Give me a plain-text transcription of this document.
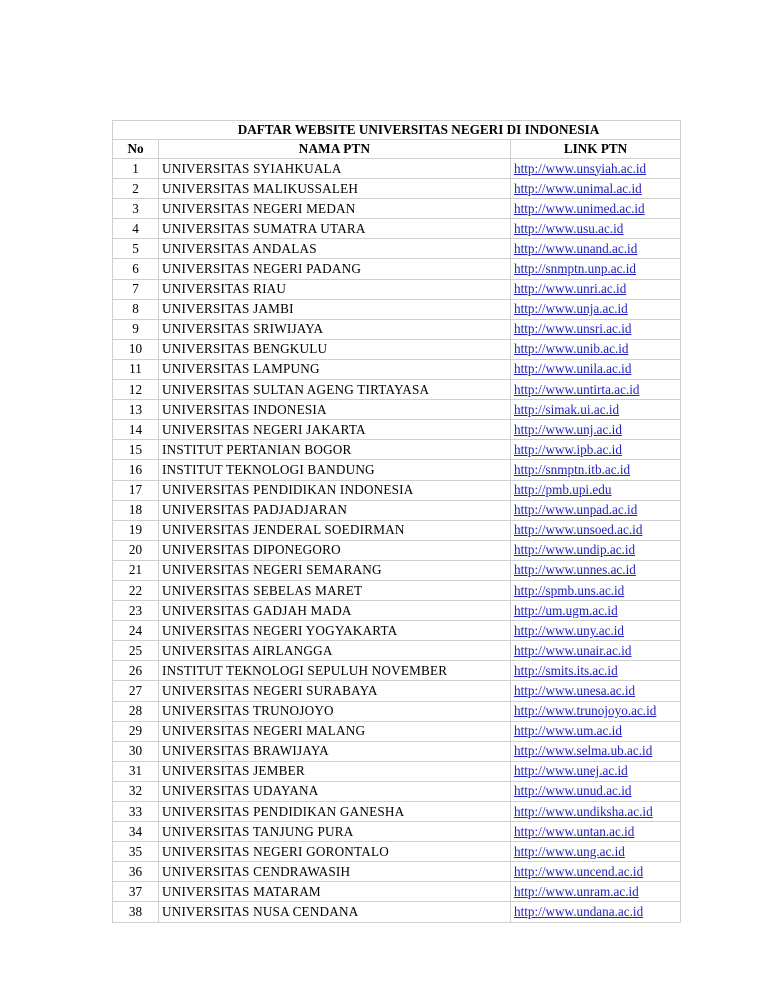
DAFTAR WEBSITE UNIVERSITAS NEGERI DI INDONESIA		
No	NAMA PTN	LINK PTN
1	UNIVERSITAS SYIAHKUALA	http://www.unsyiah.ac.id
2	UNIVERSITAS MALIKUSSALEH	http://www.unimal.ac.id
3	UNIVERSITAS NEGERI MEDAN	http://www.unimed.ac.id
4	UNIVERSITAS SUMATRA UTARA	http://www.usu.ac.id
5	UNIVERSITAS ANDALAS	http://www.unand.ac.id
6	UNIVERSITAS NEGERI PADANG	http://snmptn.unp.ac.id
7	UNIVERSITAS RIAU	http://www.unri.ac.id
8	UNIVERSITAS JAMBI	http://www.unja.ac.id
9	UNIVERSITAS SRIWIJAYA	http://www.unsri.ac.id
10	UNIVERSITAS BENGKULU	http://www.unib.ac.id
11	UNIVERSITAS LAMPUNG	http://www.unila.ac.id
12	UNIVERSITAS SULTAN AGENG TIRTAYASA	http://www.untirta.ac.id
13	UNIVERSITAS INDONESIA	http://simak.ui.ac.id
14	UNIVERSITAS NEGERI JAKARTA	http://www.unj.ac.id
15	INSTITUT PERTANIAN BOGOR	http://www.ipb.ac.id
16	INSTITUT TEKNOLOGI BANDUNG	http://snmptn.itb.ac.id
17	UNIVERSITAS PENDIDIKAN INDONESIA	http://pmb.upi.edu
18	UNIVERSITAS PADJADJARAN	http://www.unpad.ac.id
19	UNIVERSITAS JENDERAL SOEDIRMAN	http://www.unsoed.ac.id
20	UNIVERSITAS DIPONEGORO	http://www.undip.ac.id
21	UNIVERSITAS NEGERI SEMARANG	http://www.unnes.ac.id
22	UNIVERSITAS SEBELAS MARET	http://spmb.uns.ac.id
23	UNIVERSITAS GADJAH MADA	http://um.ugm.ac.id
24	UNIVERSITAS NEGERI YOGYAKARTA	http://www.uny.ac.id
25	UNIVERSITAS AIRLANGGA	http://www.unair.ac.id
26	INSTITUT TEKNOLOGI SEPULUH NOVEMBER	http://smits.its.ac.id
27	UNIVERSITAS NEGERI SURABAYA	http://www.unesa.ac.id
28	UNIVERSITAS TRUNOJOYO	http://www.trunojoyo.ac.id
29	UNIVERSITAS NEGERI MALANG	http://www.um.ac.id
30	UNIVERSITAS BRAWIJAYA	http://www.selma.ub.ac.id
31	UNIVERSITAS JEMBER	http://www.unej.ac.id
32	UNIVERSITAS UDAYANA	http://www.unud.ac.id
33	UNIVERSITAS PENDIDIKAN GANESHA	http://www.undiksha.ac.id
34	UNIVERSITAS TANJUNG PURA	http://www.untan.ac.id
35	UNIVERSITAS NEGERI GORONTALO	http://www.ung.ac.id
36	UNIVERSITAS CENDRAWASIH	http://www.uncend.ac.id
37	UNIVERSITAS MATARAM	http://www.unram.ac.id
38	UNIVERSITAS NUSA CENDANA	http://www.undana.ac.id
